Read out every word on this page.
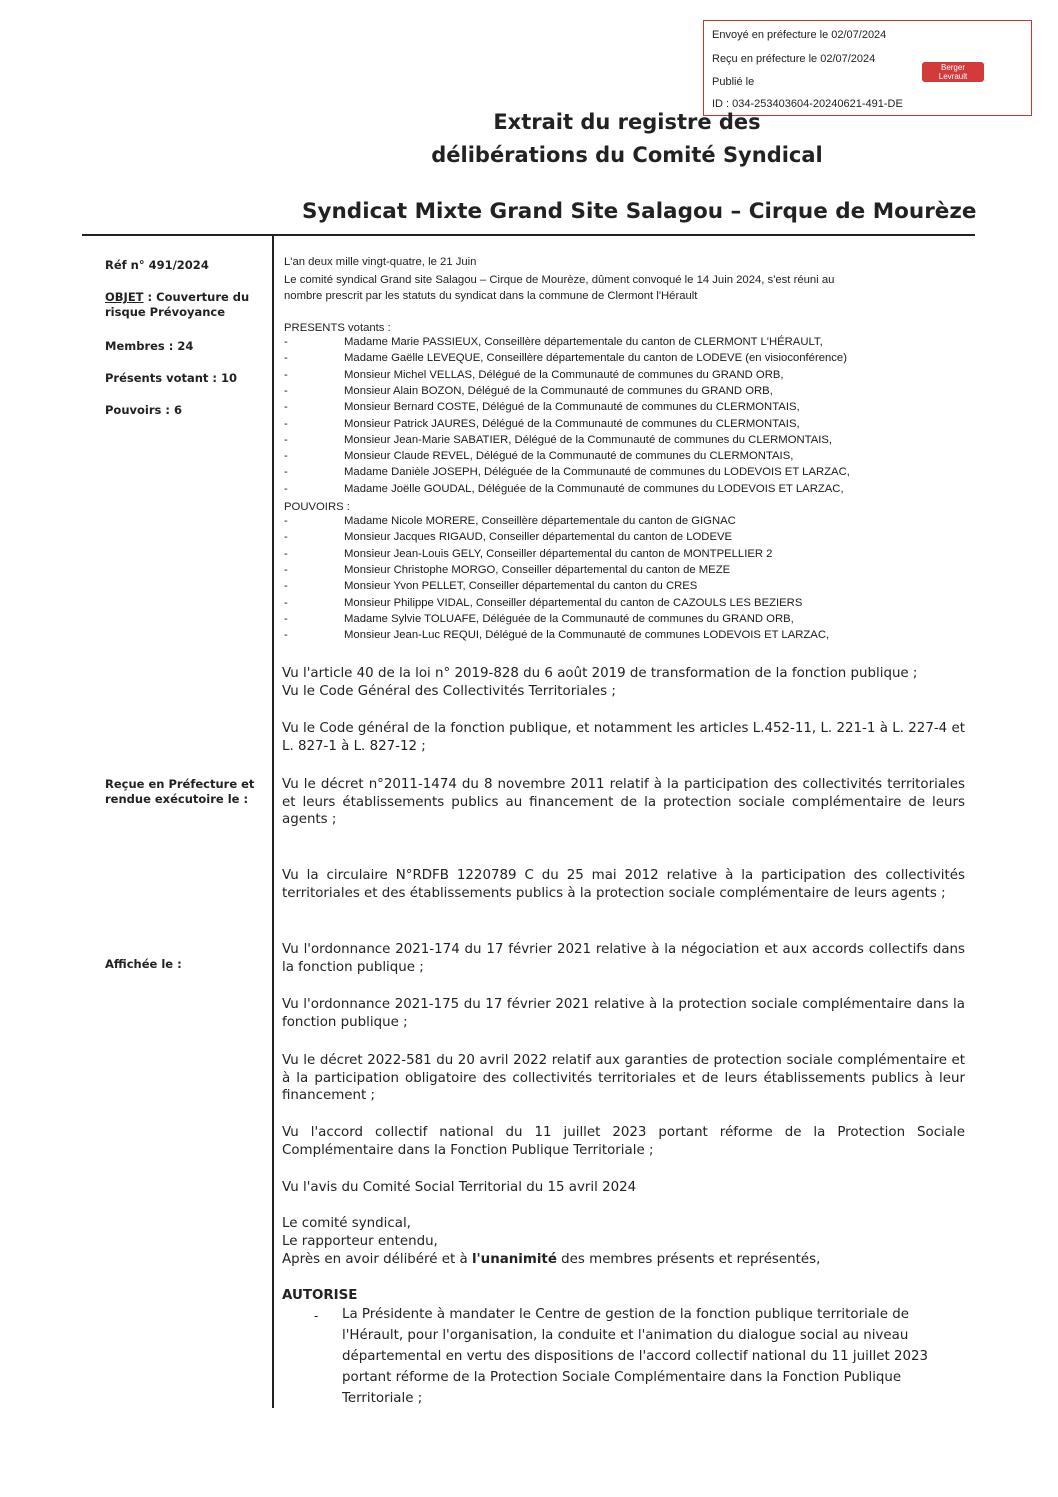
Envoyé en préfecture le 02/07/2024
Reçu en préfecture le 02/07/2024
Publié le
ID : 034-253403604-20240621-491-DE
Berger
Levrault
Extrait du registre des
délibérations du Comité Syndical
Syndicat Mixte Grand Site Salagou – Cirque de Mourèze
Réf n° 491/2024
OBJET : Couverture du
risque Prévoyance
Membres : 24
Présents votant : 10
Pouvoirs : 6
Reçue en Préfecture et
rendue exécutoire le :
Affichée le :
L'an deux mille vingt-quatre, le 21 Juin
Le comité syndical Grand site Salagou – Cirque de Mourèze, dûment convoqué le 14 Juin 2024, s'est réuni au
nombre prescrit par les statuts du syndicat dans la commune de Clermont l'Hérault
PRESENTS votants :
-	Madame Marie PASSIEUX, Conseillère départementale du canton de CLERMONT L'HÉRAULT,
-	Madame Gaëlle LEVEQUE, Conseillère départementale du canton de LODEVE (en visioconférence)
-	Monsieur Michel VELLAS, Délégué de la Communauté de communes du GRAND ORB,
-	Monsieur Alain BOZON, Délégué de la Communauté de communes du GRAND ORB,
-	Monsieur Bernard COSTE, Délégué de la Communauté de communes du CLERMONTAIS,
-	Monsieur Patrick JAURES, Délégué de la Communauté de communes du CLERMONTAIS,
-	Monsieur Jean-Marie SABATIER, Délégué de la Communauté de communes du CLERMONTAIS,
-	Monsieur Claude REVEL, Délégué de la Communauté de communes du CLERMONTAIS,
-	Madame Danièle JOSEPH, Déléguée de la Communauté de communes du LODEVOIS ET LARZAC,
-	Madame Joëlle GOUDAL, Déléguée de la Communauté de communes du LODEVOIS ET LARZAC,
POUVOIRS :
-	Madame Nicole MORERE, Conseillère départementale du canton de GIGNAC
-	Monsieur Jacques RIGAUD, Conseiller départemental du canton de LODEVE
-	Monsieur Jean-Louis GELY, Conseiller départemental du canton de MONTPELLIER 2
-	Monsieur Christophe MORGO, Conseiller départemental du canton de MEZE
-	Monsieur Yvon PELLET, Conseiller départemental du canton du CRES
-	Monsieur Philippe VIDAL, Conseiller départemental du canton de CAZOULS LES BEZIERS
-	Madame Sylvie TOLUAFE, Déléguée de la Communauté de communes du GRAND ORB,
-	Monsieur Jean-Luc REQUI, Délégué de la Communauté de communes LODEVOIS ET LARZAC,
Vu l'article 40 de la loi n° 2019-828 du 6 août 2019 de transformation de la fonction publique ;
Vu le Code Général des Collectivités Territoriales ;
Vu le Code général de la fonction publique, et notamment les articles L.452-11, L. 221-1 à L. 227-4 et L. 827-1 à L. 827-12 ;
Vu le décret n°2011-1474 du 8 novembre 2011 relatif à la participation des collectivités territoriales et leurs établissements publics au financement de la protection sociale complémentaire de leurs agents ;
Vu la circulaire N°RDFB 1220789 C du 25 mai 2012 relative à la participation des collectivités territoriales et des établissements publics à la protection sociale complémentaire de leurs agents ;
Vu l'ordonnance 2021-174 du 17 février 2021 relative à la négociation et aux accords collectifs dans la fonction publique ;
Vu l'ordonnance 2021-175 du 17 février 2021 relative à la protection sociale complémentaire dans la fonction publique ;
Vu le décret 2022-581 du 20 avril 2022 relatif aux garanties de protection sociale complémentaire et à la participation obligatoire des collectivités territoriales et de leurs établissements publics à leur financement ;
Vu l'accord collectif national du 11 juillet 2023 portant réforme de la Protection Sociale Complémentaire dans la Fonction Publique Territoriale ;
Vu l'avis du Comité Social Territorial du 15 avril 2024
Le comité syndical,
Le rapporteur entendu,
Après en avoir délibéré et à l'unanimité des membres présents et représentés,
AUTORISE
- La Présidente à mandater le Centre de gestion de la fonction publique territoriale de l'Hérault, pour l'organisation, la conduite et l'animation du dialogue social au niveau départemental en vertu des dispositions de l'accord collectif national du 11 juillet 2023 portant réforme de la Protection Sociale Complémentaire dans la Fonction Publique Territoriale ;
